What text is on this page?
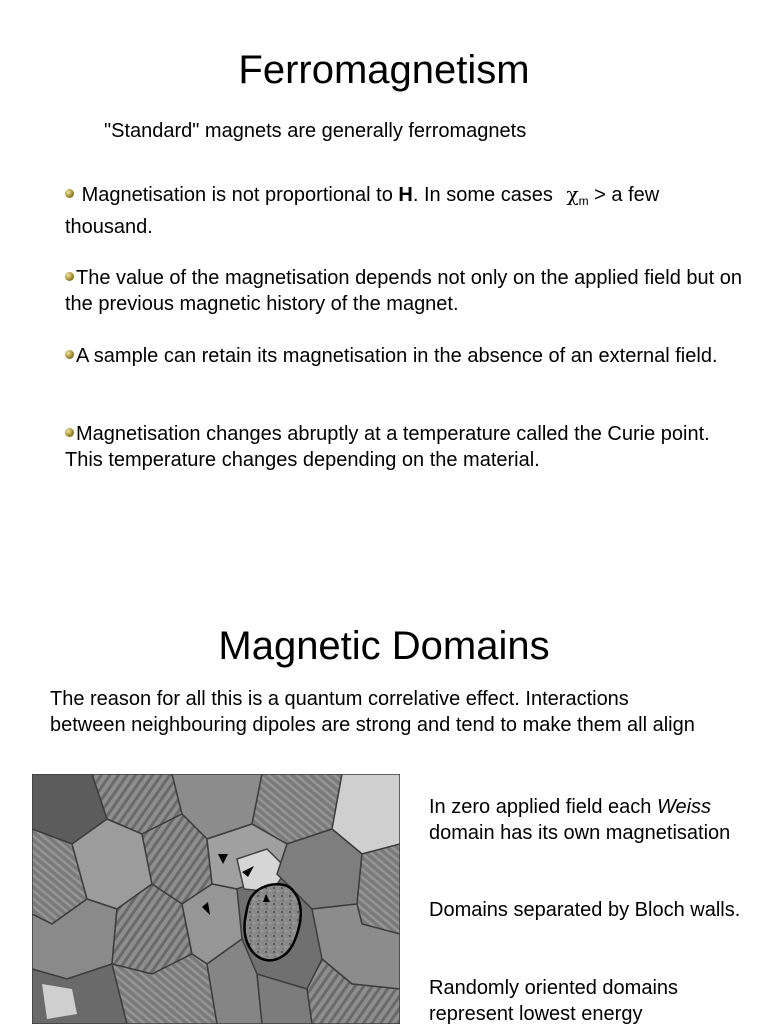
Ferromagnetism
"Standard" magnets are generally ferromagnets
Magnetisation is not proportional to H. In some cases $\chi_m > a$ few thousand.
The value of the magnetisation depends not only on the applied field but on the previous magnetic history of the magnet.
A sample can retain its magnetisation in the absence of an external field.
Magnetisation changes abruptly at a temperature called the Curie point. This temperature changes depending on the material.
Magnetic Domains
The reason for all this is a quantum correlative effect. Interactions between neighbouring dipoles are strong and tend to make them all align
In zero applied field each Weiss domain has its own magnetisation
Domains separated by Bloch walls.
Randomly oriented domains represent lowest energy
